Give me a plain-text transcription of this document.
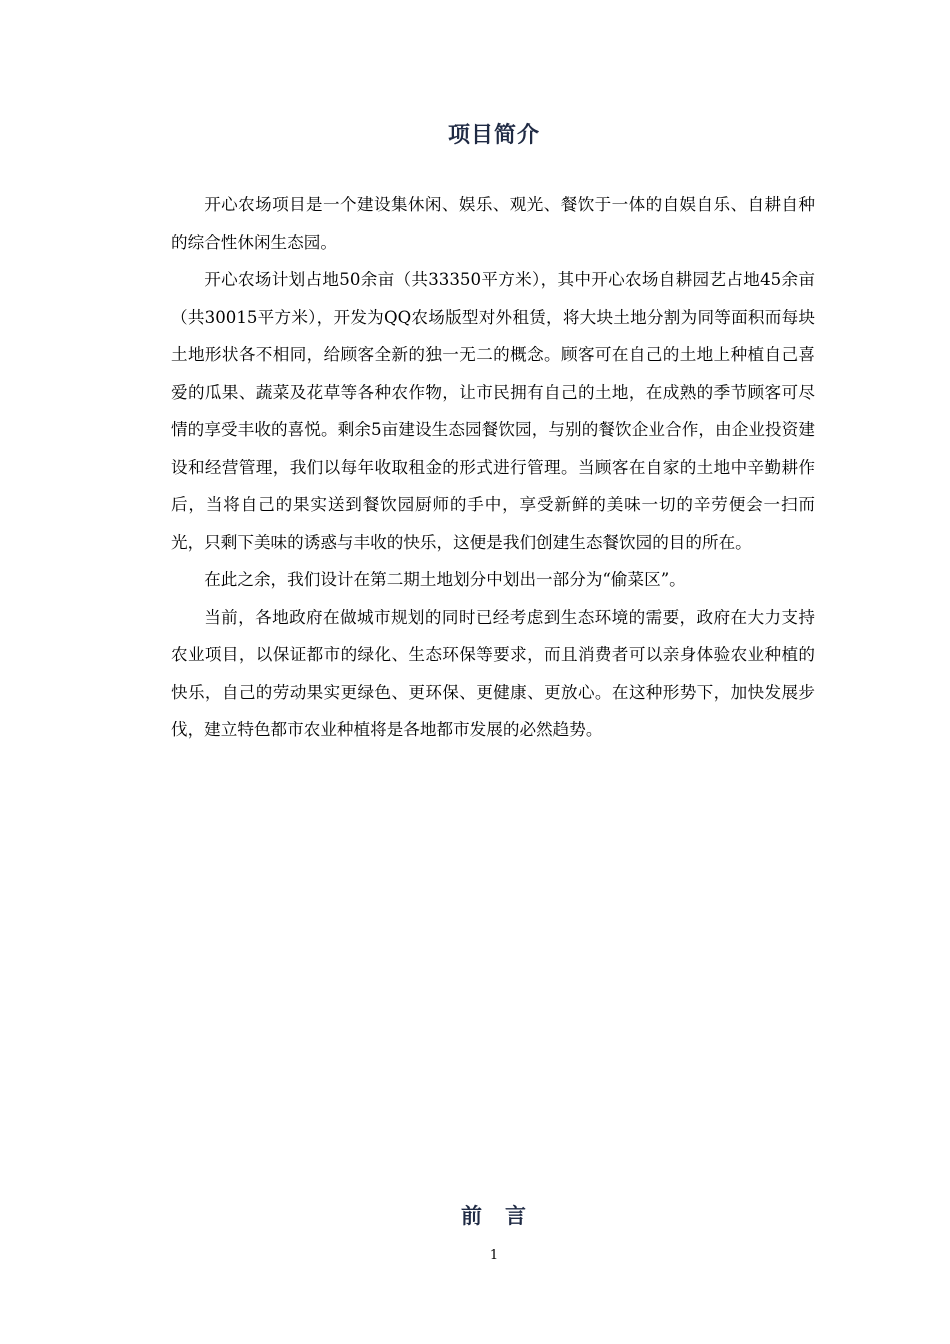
项目简介

开心农场项目是一个建设集休闲、娱乐、观光、餐饮于一体的自娱自乐、自耕自种的综合性休闲生态园。

开心农场计划占地50余亩（共33350平方米），其中开心农场自耕园艺占地45余亩（共30015平方米），开发为QQ农场版型对外租赁，将大块土地分割为同等面积而每块土地形状各不相同，给顾客全新的独一无二的概念。顾客可在自己的土地上种植自己喜爱的瓜果、蔬菜及花草等各种农作物，让市民拥有自己的土地，在成熟的季节顾客可尽情的享受丰收的喜悦。剩余5亩建设生态园餐饮园，与别的餐饮企业合作，由企业投资建设和经营管理，我们以每年收取租金的形式进行管理。当顾客在自家的土地中辛勤耕作后，当将自己的果实送到餐饮园厨师的手中，享受新鲜的美味一切的辛劳便会一扫而光，只剩下美味的诱惑与丰收的快乐，这便是我们创建生态餐饮园的目的所在。

在此之余，我们设计在第二期土地划分中划出一部分为“偷菜区”。

当前，各地政府在做城市规划的同时已经考虑到生态环境的需要，政府在大力支持农业项目，以保证都市的绿化、生态环保等要求，而且消费者可以亲身体验农业种植的快乐，自己的劳动果实更绿色、更环保、更健康、更放心。在这种形势下，加快发展步伐，建立特色都市农业种植将是各地都市发展的必然趋势。

前　言
1
